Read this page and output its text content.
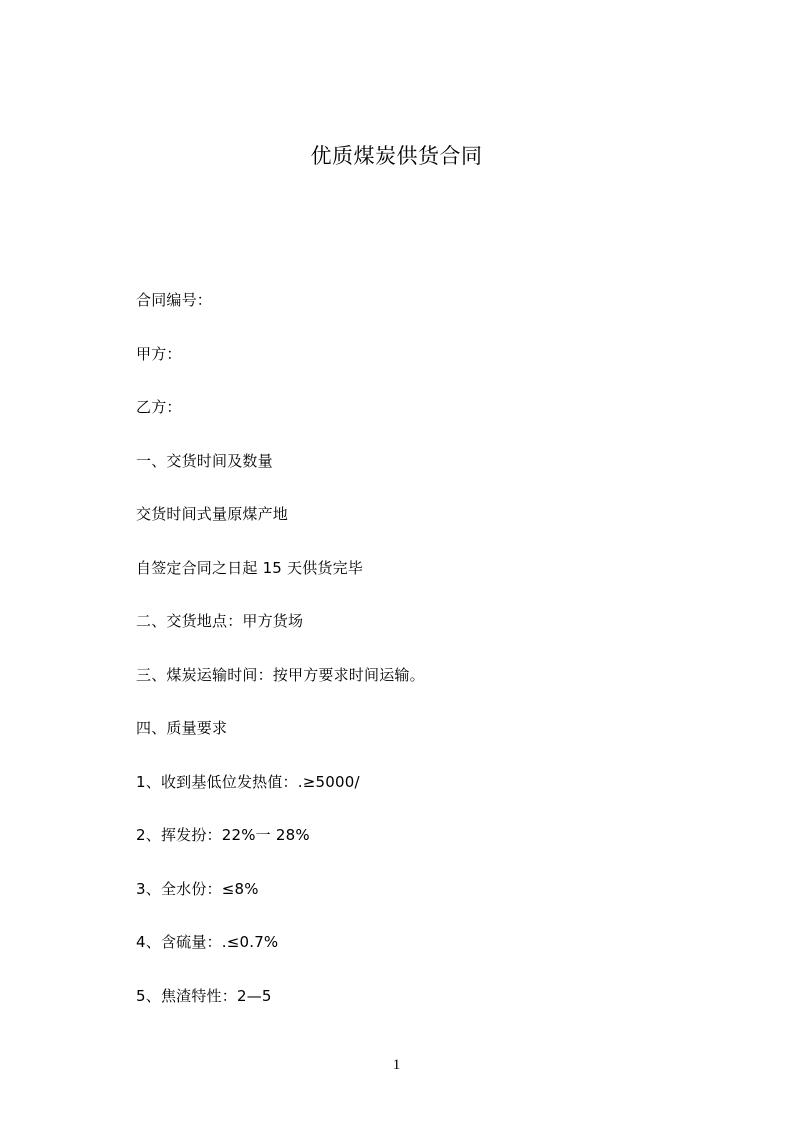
优质煤炭供货合同
合同编号：
甲方：
乙方：
一、交货时间及数量
交货时间式量原煤产地
自签定合同之日起 15 天供货完毕
二、交货地点：甲方货场
三、煤炭运输时间：按甲方要求时间运输。
四、质量要求
1、收到基低位发热值：.≥5000/
2、挥发扮：22%一 28%
3、全水份：≤8%
4、含硫量：.≤0.7%
5、焦渣特性：2—5
1
